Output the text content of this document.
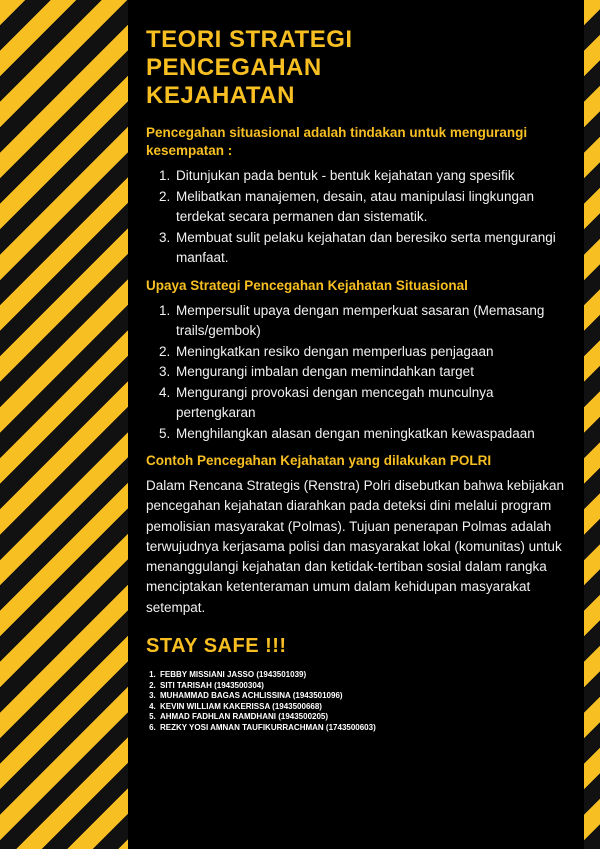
TEORI STRATEGI PENCEGAHAN KEJAHATAN
Pencegahan situasional adalah tindakan untuk mengurangi kesempatan :
1. Ditunjukan pada bentuk - bentuk kejahatan yang spesifik
2. Melibatkan manajemen, desain, atau manipulasi lingkungan terdekat secara permanen dan sistematik.
3. Membuat sulit pelaku kejahatan dan beresiko serta mengurangi manfaat.
Upaya Strategi Pencegahan Kejahatan Situasional
1. Mempersulit upaya dengan memperkuat sasaran (Memasang trails/gembok)
2. Meningkatkan resiko dengan memperluas penjagaan
3. Mengurangi imbalan dengan memindahkan target
4. Mengurangi provokasi dengan mencegah munculnya pertengkaran
5. Menghilangkan alasan dengan meningkatkan kewaspadaan
Contoh Pencegahan Kejahatan yang dilakukan POLRI

Dalam Rencana Strategis (Renstra) Polri disebutkan bahwa kebijakan pencegahan kejahatan diarahkan pada deteksi dini melalui program pemolisian masyarakat (Polmas). Tujuan penerapan Polmas adalah terwujudnya kerjasama polisi dan masyarakat lokal (komunitas) untuk menanggulangi kejahatan dan ketidak-tertiban sosial dalam rangka menciptakan ketenteraman umum dalam kehidupan masyarakat setempat.

STAY SAFE !!!
1. FEBBY MISSIANI JASSO (1943501039)
2. SITI TARISAH (1943500304)
3. MUHAMMAD BAGAS ACHLISSINA (1943501096)
4. KEVIN WILLIAM KAKERISSA (1943500668)
5. AHMAD FADHLAN RAMDHANI (1943500205)
6. REZKY YOSI AMNAN TAUFIKURRACHMAN (1743500603)
